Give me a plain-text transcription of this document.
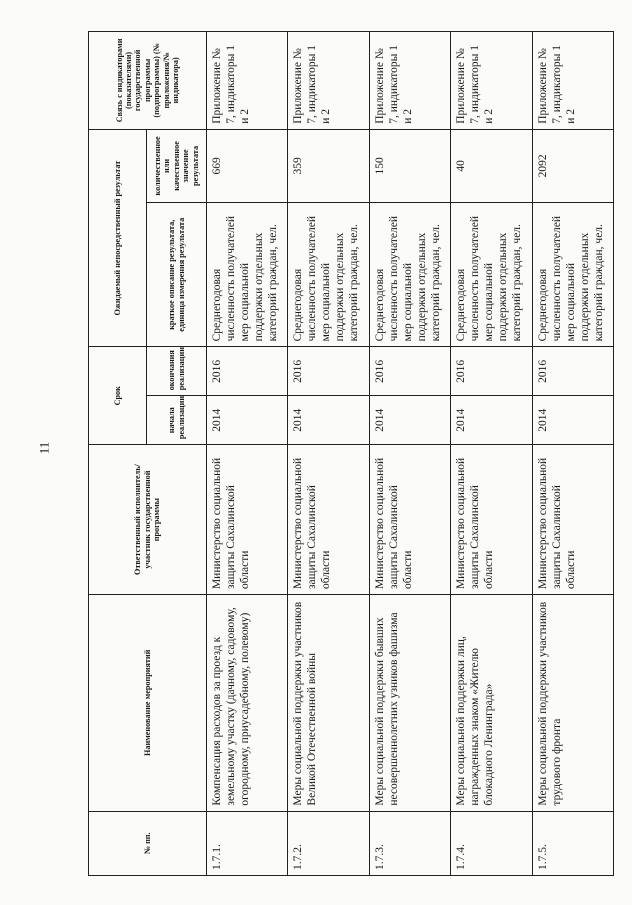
11
№ пп.	Наименование мероприятий	Ответственный исполнитель/участник государственной программы	Срок		Ожидаемый непосредственный результат		Связь с индикаторами (показателями) государственной программы (подпрограммы) (№ приложения/№ индикатора)
			начала реализации	окончания реализации	краткое описание результата, единица измерения результата	количественное или качественное значение результата	
1.7.1.	Компенсация расходов за проезд к земельному участку (дачному, садовому, огородному, приусадебному, полевому)	Министерство социальной защиты Сахалинской области	2014	2016	Среднегодовая численность получателей мер социальной поддержки отдельных категорий граждан, чел.	669	Приложение № 7, индикаторы 1 и 2
1.7.2.	Меры социальной поддержки участников Великой Отечественной войны	Министерство социальной защиты Сахалинской области	2014	2016	Среднегодовая численность получателей мер социальной поддержки отдельных категорий граждан, чел.	359	Приложение № 7, индикаторы 1 и 2
1.7.3.	Меры социальной поддержки бывших несовершеннолетних узников фашизма	Министерство социальной защиты Сахалинской области	2014	2016	Среднегодовая численность получателей мер социальной поддержки отдельных категорий граждан, чел.	150	Приложение № 7, индикаторы 1 и 2
1.7.4.	Меры социальной поддержки лиц, награжденных знаком «Жителю блокадного Ленинграда»	Министерство социальной защиты Сахалинской области	2014	2016	Среднегодовая численность получателей мер социальной поддержки отдельных категорий граждан, чел.	40	Приложение № 7, индикаторы 1 и 2
1.7.5.	Меры социальной поддержки участников трудового фронта	Министерство социальной защиты Сахалинской области	2014	2016	Среднегодовая численность получателей мер социальной поддержки отдельных категорий граждан, чел.	2092	Приложение № 7, индикаторы 1 и 2
